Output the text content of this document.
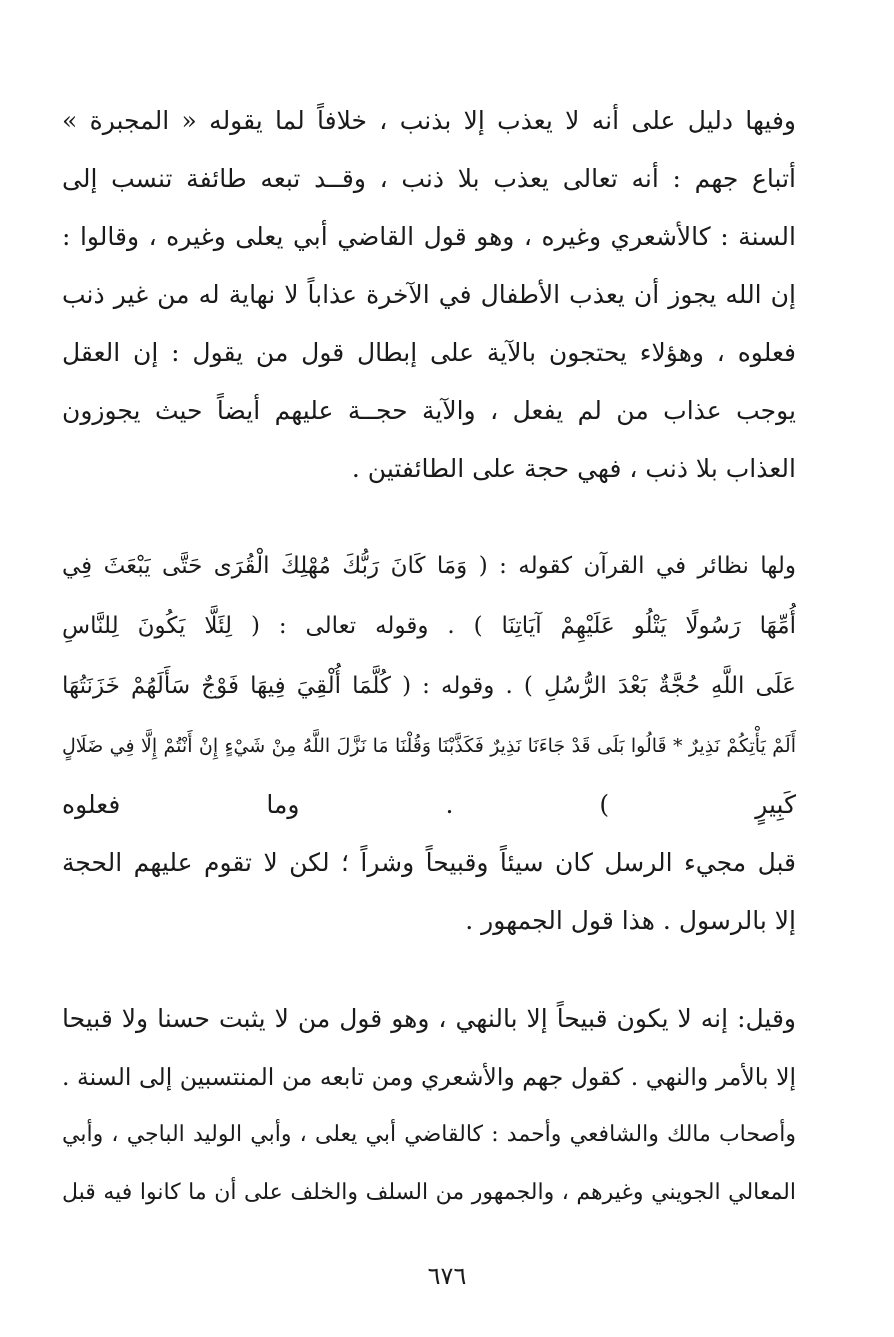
وفيها دليل على أنه لا يعذب إلا بذنب ، خلافاً لما يقوله « المجبرة »
أتباع جهم : أنه تعالى يعذب بلا ذنب ، وقــد تبعه طائفة تنسب إلى
السنة : كالأشعري وغيره ، وهو قول القاضي أبي يعلى وغيره ، وقالوا :
إن الله يجوز أن يعذب الأطفال في الآخرة عذاباً لا نهاية له من غير ذنب
فعلوه ، وهؤلاء يحتجون بالآية على إبطال قول من يقول : إن العقل
يوجب عذاب من لم يفعل ، والآية حجــة عليهم أيضاً حيث يجوزون
العذاب بلا ذنب ، فهي حجة على الطائفتين .
ولها نظائر في القرآن كقوله : ( وَمَا كَانَ رَبُّكَ مُهْلِكَ الْقُرَى حَتَّى يَبْعَثَ فِي
أُمِّهَا رَسُولًا يَتْلُو عَلَيْهِمْ آيَاتِنَا ) . وقوله تعالى : ( لِئَلَّا يَكُونَ لِلنَّاسِ
عَلَى اللَّهِ حُجَّةٌ بَعْدَ الرُّسُلِ ) . وقوله : ( كُلَّمَا أُلْقِيَ فِيهَا فَوْجٌ سَأَلَهُمْ خَزَنَتُهَا
أَلَمْ يَأْتِكُمْ نَذِيرٌ * قَالُوا بَلَى قَدْ جَاءَنَا نَذِيرٌ فَكَذَّبْنَا وَقُلْنَا مَا نَزَّلَ اللَّهُ مِنْ شَيْءٍ إِنْ أَنْتُمْ إِلَّا فِي ضَلَالٍ
كَبِيرٍ ) . وما فعلوه
قبل مجيء الرسل كان سيئاً وقبيحاً وشراً ؛ لكن لا تقوم عليهم الحجة
إلا بالرسول . هذا قول الجمهور .
وقيل: إنه لا يكون قبيحاً إلا بالنهي ، وهو قول من لا يثبت حسنا ولا قبيحا
إلا بالأمر والنهي . كقول جهم والأشعري ومن تابعه من المنتسبين إلى السنة .
وأصحاب مالك والشافعي وأحمد : كالقاضي أبي يعلى ، وأبي الوليد الباجي ، وأبي
المعالي الجويني وغيرهم ، والجمهور من السلف والخلف على أن ما كانوا فيه قبل
٦٧٦
